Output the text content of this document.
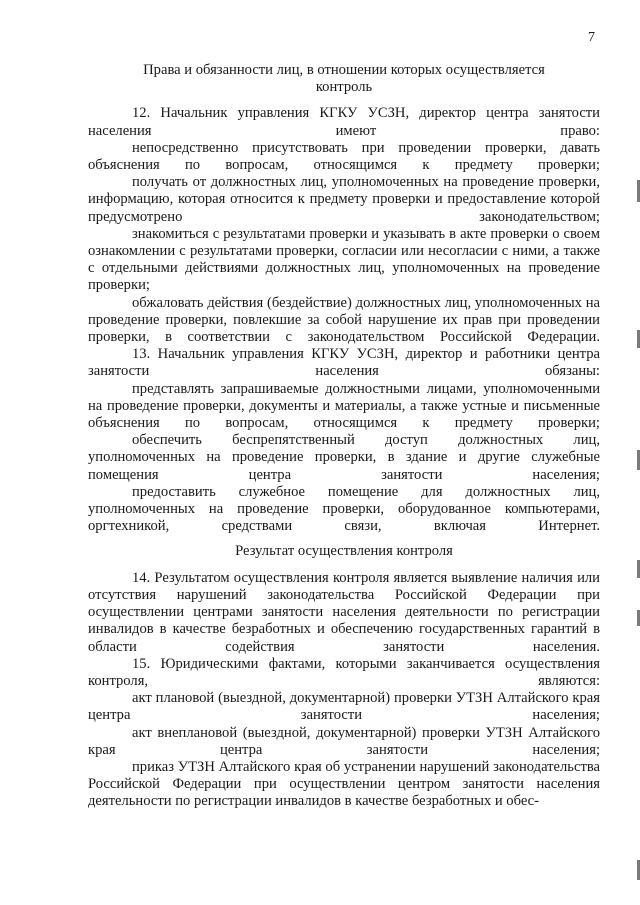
7

Права и обязанности лиц, в отношении которых осуществляется контроль

12. Начальник управления КГКУ УСЗН, директор центра занятости населения имеют право:

непосредственно присутствовать при проведении проверки, давать объяснения по вопросам, относящимся к предмету проверки;

получать от должностных лиц, уполномоченных на проведение проверки, информацию, которая относится к предмету проверки и предоставление которой предусмотрено законодательством;

знакомиться с результатами проверки и указывать в акте проверки о своем ознакомлении с результатами проверки, согласии или несогласии с ними, а также с отдельными действиями должностных лиц, уполномоченных на проведение проверки;

обжаловать действия (бездействие) должностных лиц, уполномоченных на проведение проверки, повлекшие за собой нарушение их прав при проведении проверки, в соответствии с законодательством Российской Федерации.

13. Начальник управления КГКУ УСЗН, директор и работники центра занятости населения обязаны:

представлять запрашиваемые должностными лицами, уполномоченными на проведение проверки, документы и материалы, а также устные и письменные объяснения по вопросам, относящимся к предмету проверки;

обеспечить беспрепятственный доступ должностных лиц, уполномоченных на проведение проверки, в здание и другие служебные помещения центра занятости населения;

предоставить служебное помещение для должностных лиц, уполномоченных на проведение проверки, оборудованное компьютерами, оргтехникой, средствами связи, включая Интернет.

Результат осуществления контроля

14. Результатом осуществления контроля является выявление наличия или отсутствия нарушений законодательства Российской Федерации при осуществлении центрами занятости населения деятельности по регистрации инвалидов в качестве безработных и обеспечению государственных гарантий в области содействия занятости населения.

15. Юридическими фактами, которыми заканчивается осуществления контроля, являются:

акт плановой (выездной, документарной) проверки УТЗН Алтайского края центра занятости населения;

акт внеплановой (выездной, документарной) проверки УТЗН Алтайского края центра занятости населения;

приказ УТЗН Алтайского края об устранении нарушений законодательства Российской Федерации при осуществлении центром занятости населения деятельности по регистрации инвалидов в качестве безработных и обес-
